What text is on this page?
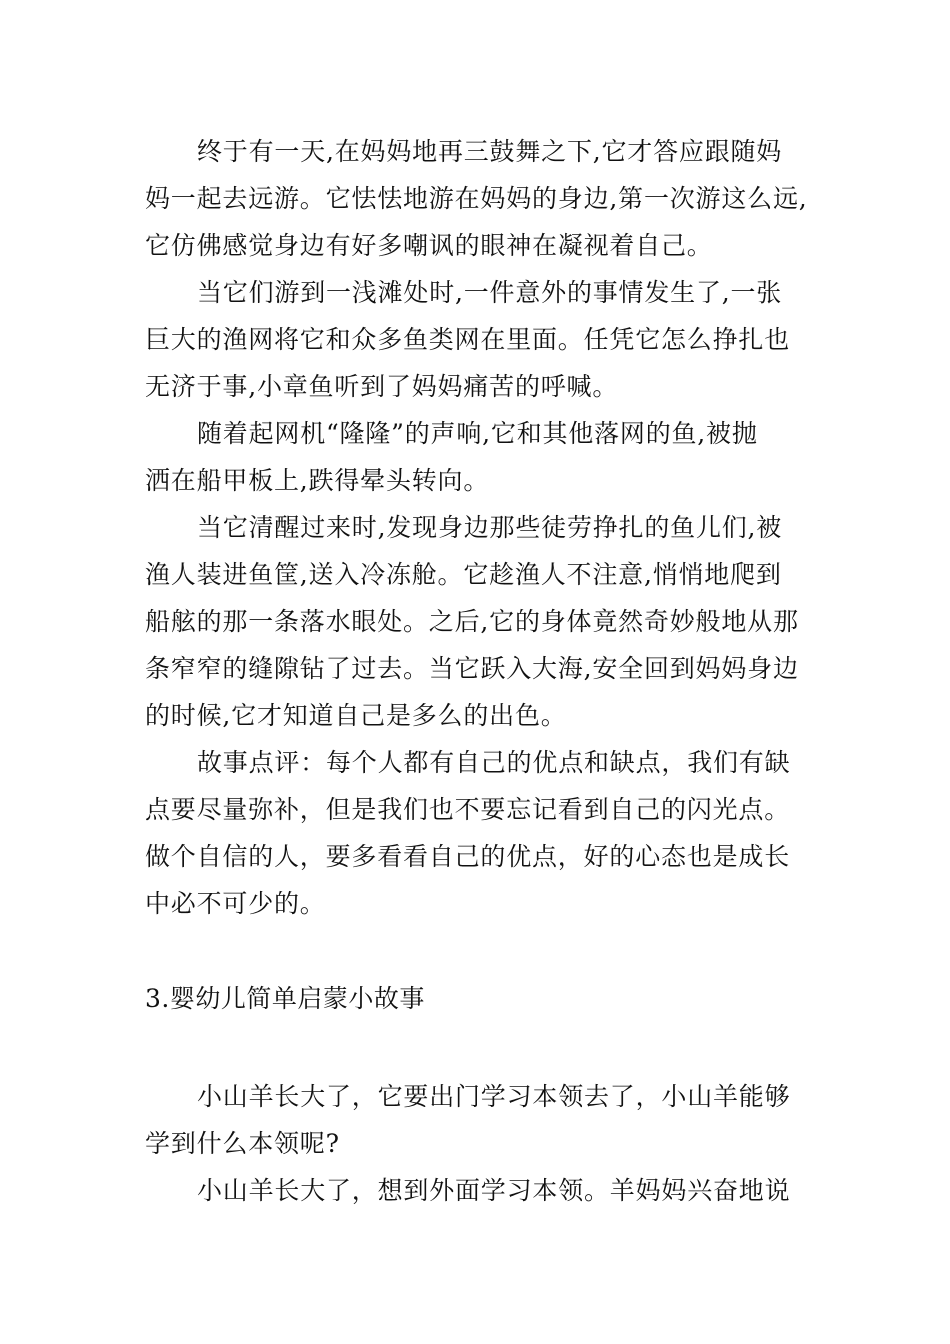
终于有一天,在妈妈地再三鼓舞之下,它才答应跟随妈
妈一起去远游。它怯怯地游在妈妈的身边,第一次游这么远,
它仿佛感觉身边有好多嘲讽的眼神在凝视着自己。
当它们游到一浅滩处时,一件意外的事情发生了,一张
巨大的渔网将它和众多鱼类网在里面。任凭它怎么挣扎也
无济于事,小章鱼听到了妈妈痛苦的呼喊。
随着起网机“隆隆”的声响,它和其他落网的鱼,被抛
洒在船甲板上,跌得晕头转向。
当它清醒过来时,发现身边那些徒劳挣扎的鱼儿们,被
渔人装进鱼筐,送入冷冻舱。它趁渔人不注意,悄悄地爬到
船舷的那一条落水眼处。之后,它的身体竟然奇妙般地从那
条窄窄的缝隙钻了过去。当它跃入大海,安全回到妈妈身边
的时候,它才知道自己是多么的出色。
故事点评：每个人都有自己的优点和缺点，我们有缺
点要尽量弥补，但是我们也不要忘记看到自己的闪光点。
做个自信的人，要多看看自己的优点，好的心态也是成长
中必不可少的。
3.婴幼儿简单启蒙小故事
小山羊长大了，它要出门学习本领去了，小山羊能够
学到什么本领呢?
小山羊长大了，想到外面学习本领。羊妈妈兴奋地说
